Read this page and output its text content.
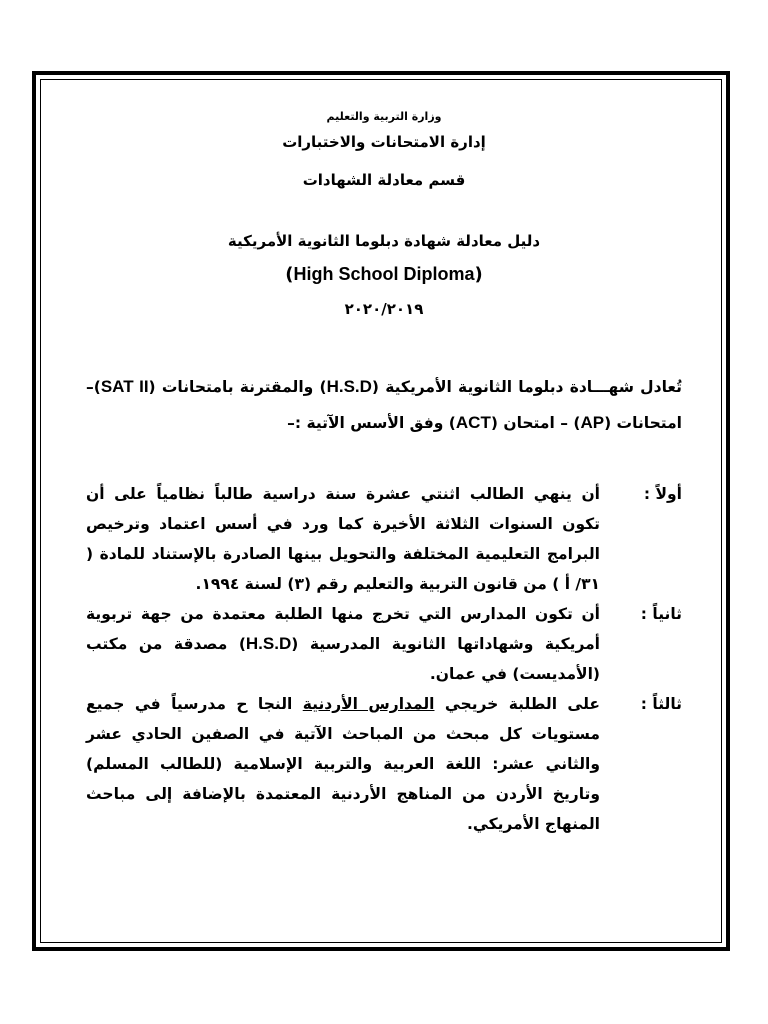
وزارة التربية والتعليم
إدارة الامتحانات والاختبارات
قسم معادلة الشهادات
دليل معادلة شهادة دبلوما الثانوية الأمريكية
(High School Diploma)
٢٠٢٠/٢٠١٩
تُعادل شهـــادة دبلوما الثانوية الأمريكية (H.S.D) والمقترنة بامتحانات (SAT II)– امتحانات (AP) – امتحان (ACT) وفق الأسس الآتية :–
أولاً :
أن ينهي الطالب اثنتي عشرة سنة دراسية طالباً نظامياً على أن تكون السنوات الثلاثة الأخيرة كما ورد في أسس اعتماد وترخيص البرامج التعليمية المختلفة والتحويل بينها الصادرة بالإستناد للمادة ( ٣١/ أ ) من قانون التربية والتعليم رقم (٣) لسنة ١٩٩٤.
ثانياً :
أن تكون المدارس التي تخرج منها الطلبة معتمدة من جهة تربوية أمريكية وشهاداتها الثانوية المدرسية (H.S.D) مصدقة من مكتب (الأمديست) في عمان.
ثالثاً :
على الطلبة خريجي المدارس الأردنية النجا ح مدرسياً في جميع مستويات كل مبحث من المباحث الآتية في الصفين الحادي عشر والثاني عشر: اللغة العربية والتربية الإسلامية (للطالب المسلم) وتاريخ الأردن من المناهج الأردنية المعتمدة بالإضافة إلى مباحث المنهاج الأمريكي.
